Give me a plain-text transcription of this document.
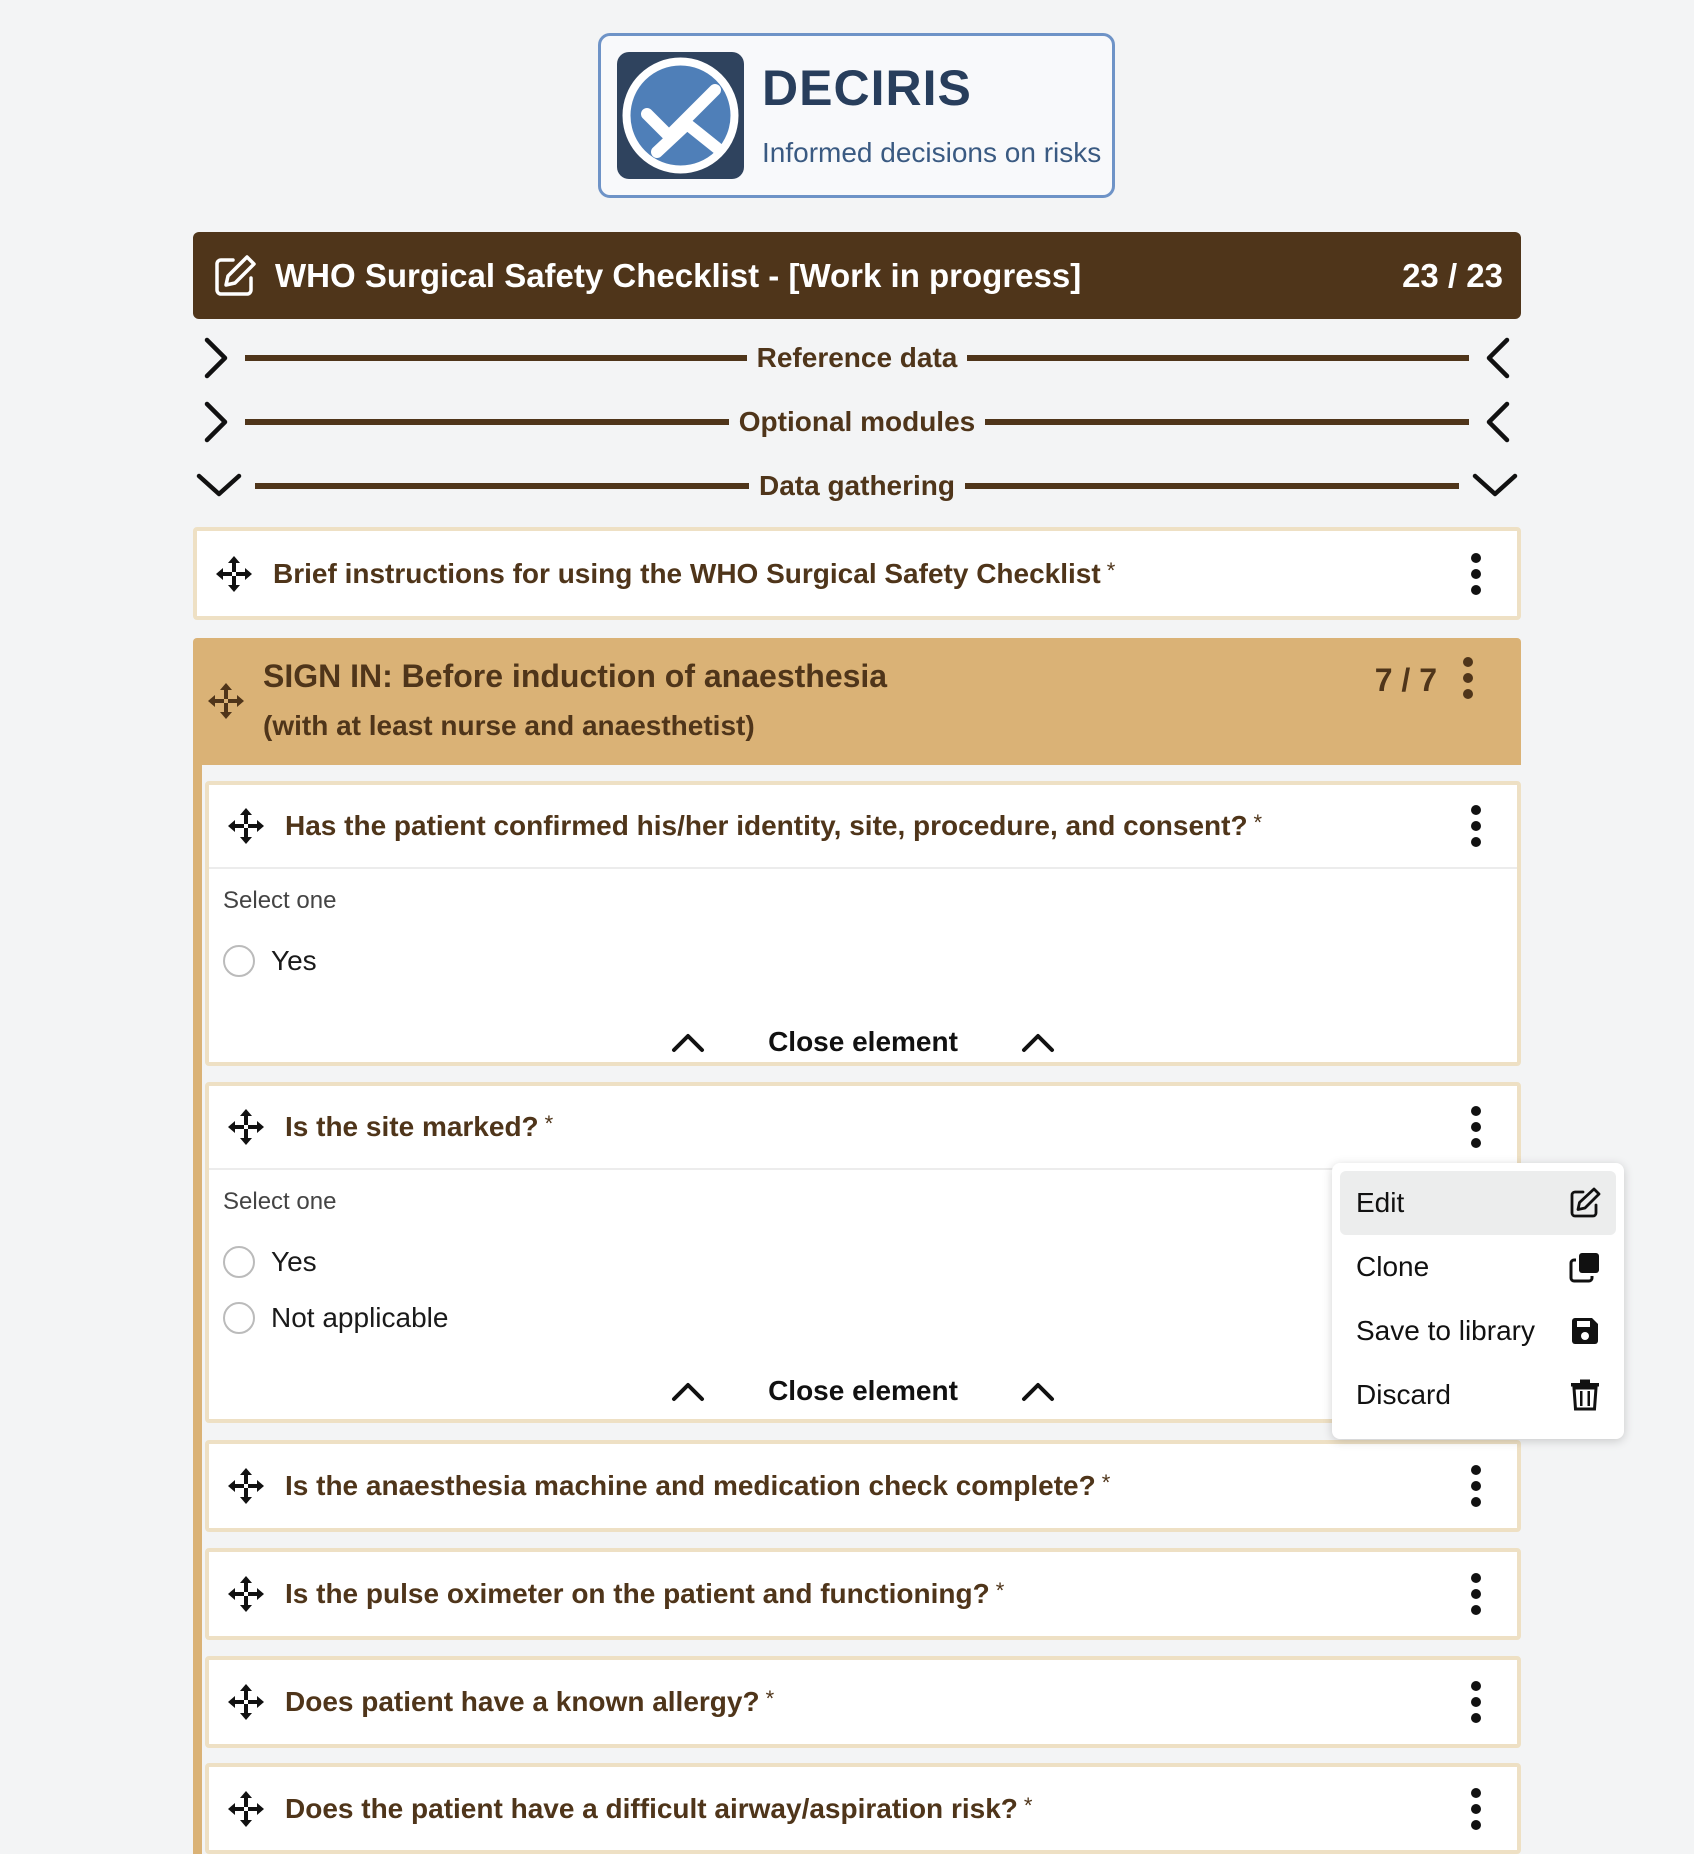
DECIRIS
Informed decisions on risks
WHO Surgical Safety Checklist - [Work in progress]	23 / 23
Reference data
Optional modules
Data gathering
Brief instructions for using the WHO Surgical Safety Checklist *
SIGN IN: Before induction of anaesthesia
(with at least nurse and anaesthetist)
7 / 7
Has the patient confirmed his/her identity, site, procedure, and consent? *
Select one
Yes
Close element
Is the site marked? *
Select one
Yes
Not applicable
Close element
Is the anaesthesia machine and medication check complete? *
Is the pulse oximeter on the patient and functioning? *
Does patient have a known allergy? *
Does the patient have a difficult airway/aspiration risk? *
Edit
Clone
Save to library
Discard
